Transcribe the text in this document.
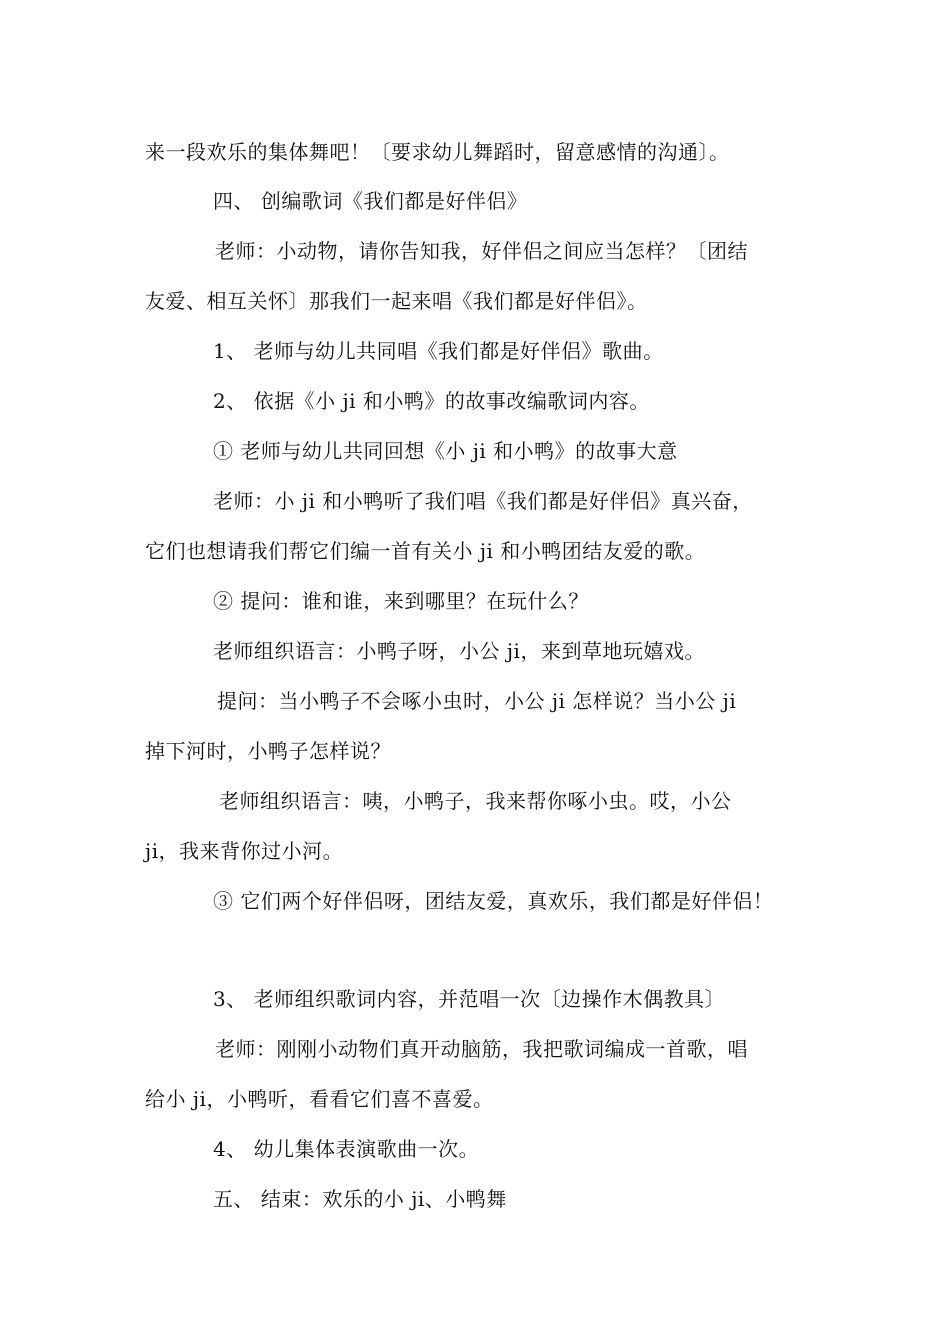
来一段欢乐的集体舞吧！〔要求幼儿舞蹈时，留意感情的沟通〕。
四、 创编歌词《我们都是好伴侣》
老师：小动物，请你告知我，好伴侣之间应当怎样？〔团结
友爱、相互关怀〕那我们一起来唱《我们都是好伴侣》。
1、 老师与幼儿共同唱《我们都是好伴侣》歌曲。
2、 依据《小 ji 和小鸭》的故事改编歌词内容。
① 老师与幼儿共同回想《小 ji 和小鸭》的故事大意
老师：小 ji 和小鸭听了我们唱《我们都是好伴侣》真兴奋，
它们也想请我们帮它们编一首有关小 ji 和小鸭团结友爱的歌。
② 提问：谁和谁，来到哪里？在玩什么？
老师组织语言：小鸭子呀，小公 ji，来到草地玩嬉戏。
提问：当小鸭子不会啄小虫时，小公 ji 怎样说？当小公 ji
掉下河时，小鸭子怎样说？
老师组织语言：咦，小鸭子，我来帮你啄小虫。哎，小公
ji，我来背你过小河。
③ 它们两个好伴侣呀，团结友爱，真欢乐，我们都是好伴侣！
3、 老师组织歌词内容，并范唱一次〔边操作木偶教具〕
老师：刚刚小动物们真开动脑筋，我把歌词编成一首歌，唱
给小 ji，小鸭听，看看它们喜不喜爱。
4、 幼儿集体表演歌曲一次。
五、 结束：欢乐的小 ji、小鸭舞
